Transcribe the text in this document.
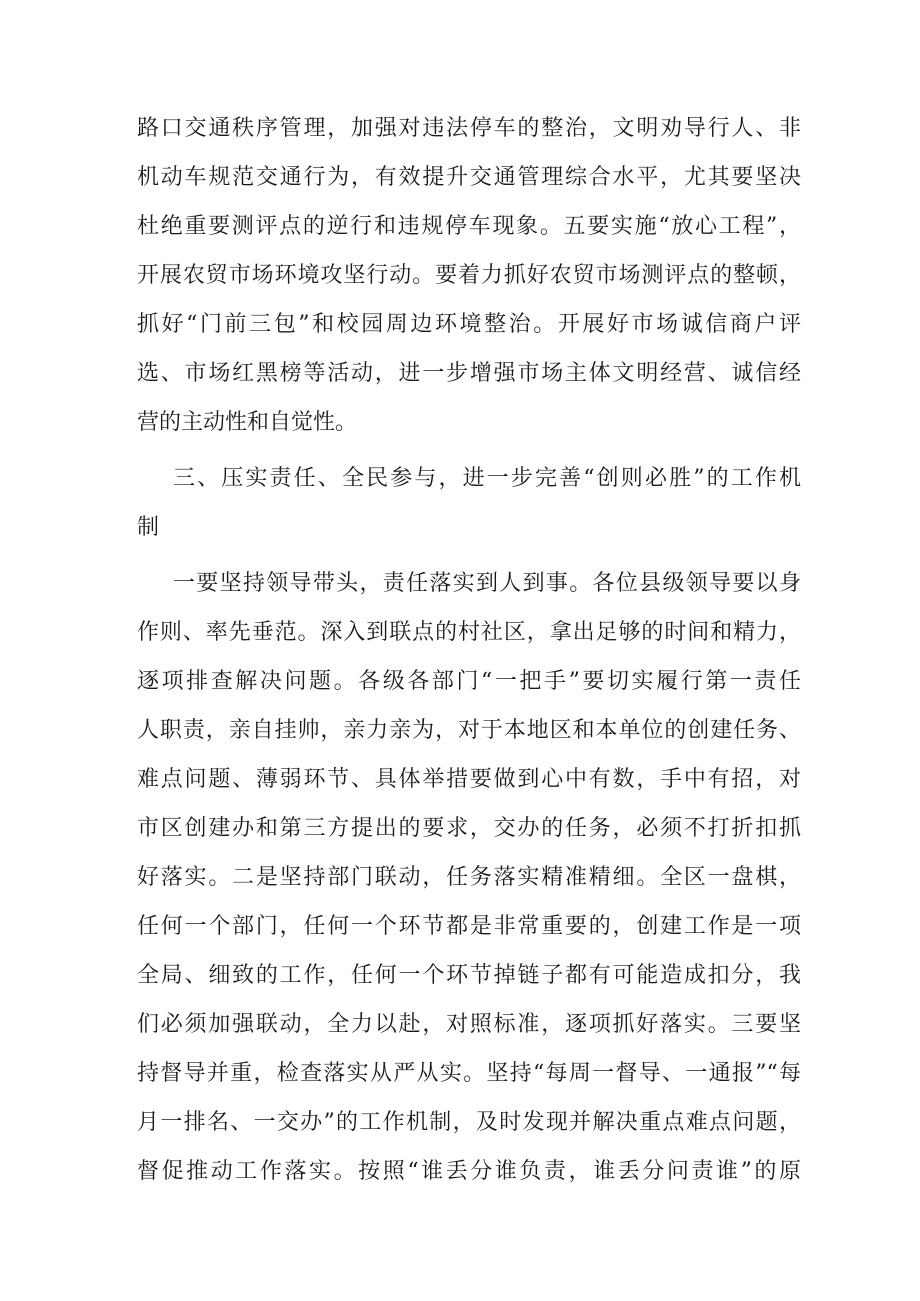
路口交通秩序管理，加强对违法停车的整治，文明劝导行人、非

机动车规范交通行为，有效提升交通管理综合水平，尤其要坚决

杜绝重要测评点的逆行和违规停车现象。五要实施“放心工程”，

开展农贸市场环境攻坚行动。要着力抓好农贸市场测评点的整顿，

抓好“门前三包”和校园周边环境整治。开展好市场诚信商户评

选、市场红黑榜等活动，进一步增强市场主体文明经营、诚信经

营的主动性和自觉性。

三、压实责任、全民参与，进一步完善“创则必胜”的工作机

制

一要坚持领导带头，责任落实到人到事。各位县级领导要以身

作则、率先垂范。深入到联点的村社区，拿出足够的时间和精力，

逐项排查解决问题。各级各部门“一把手”要切实履行第一责任

人职责，亲自挂帅，亲力亲为，对于本地区和本单位的创建任务、

难点问题、薄弱环节、具体举措要做到心中有数，手中有招，对

市区创建办和第三方提出的要求，交办的任务，必须不打折扣抓

好落实。二是坚持部门联动，任务落实精准精细。全区一盘棋，

任何一个部门，任何一个环节都是非常重要的，创建工作是一项

全局、细致的工作，任何一个环节掉链子都有可能造成扣分，我

们必须加强联动，全力以赴，对照标准，逐项抓好落实。三要坚

持督导并重，检查落实从严从实。坚持“每周一督导、一通报”“每

月一排名、一交办”的工作机制，及时发现并解决重点难点问题，

督促推动工作落实。按照“谁丢分谁负责，谁丢分问责谁”的原
